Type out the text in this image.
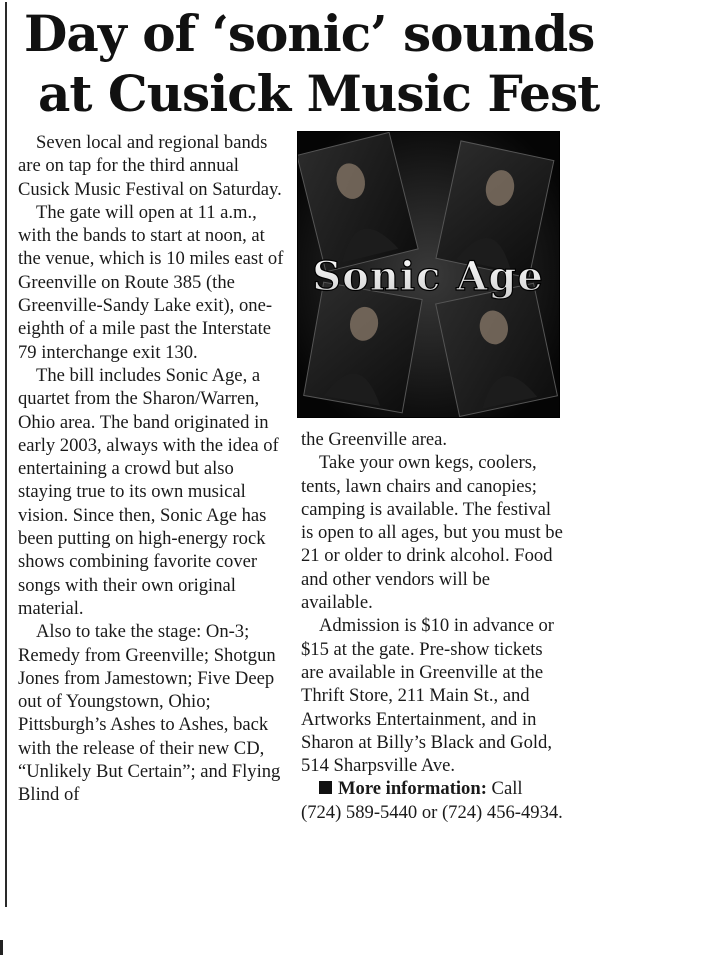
Day of ‘sonic’ sounds
at Cusick Music Fest

Seven local and regional bands are on tap for the third annual Cusick Music Festival on Saturday.

The gate will open at 11 a.m., with the bands to start at noon, at the venue, which is 10 miles east of Greenville on Route 385 (the Greenville-Sandy Lake exit), one-eighth of a mile past the Interstate 79 interchange exit 130.

The bill includes Sonic Age, a quartet from the Sharon/Warren, Ohio area. The band originated in early 2003, always with the idea of entertaining a crowd but also staying true to its own musical vision. Since then, Sonic Age has been putting on high-energy rock shows combining favorite cover songs with their own original material.

Also to take the stage: On-3; Remedy from Greenville; Shotgun Jones from Jamestown; Five Deep out of Youngstown, Ohio; Pittsburgh’s Ashes to Ashes, back with the release of their new CD, “Unlikely But Certain”; and Flying Blind of

Sonic Age

the Greenville area.

Take your own kegs, coolers, tents, lawn chairs and canopies; camping is available. The festival is open to all ages, but you must be 21 or older to drink alcohol. Food and other vendors will be available.

Admission is $10 in advance or $15 at the gate. Pre-show tickets are available in Greenville at the Thrift Store, 211 Main St., and Artworks Entertainment, and in Sharon at Billy’s Black and Gold, 514 Sharpsville Ave.

More information: Call (724) 589-5440 or (724) 456-4934.
